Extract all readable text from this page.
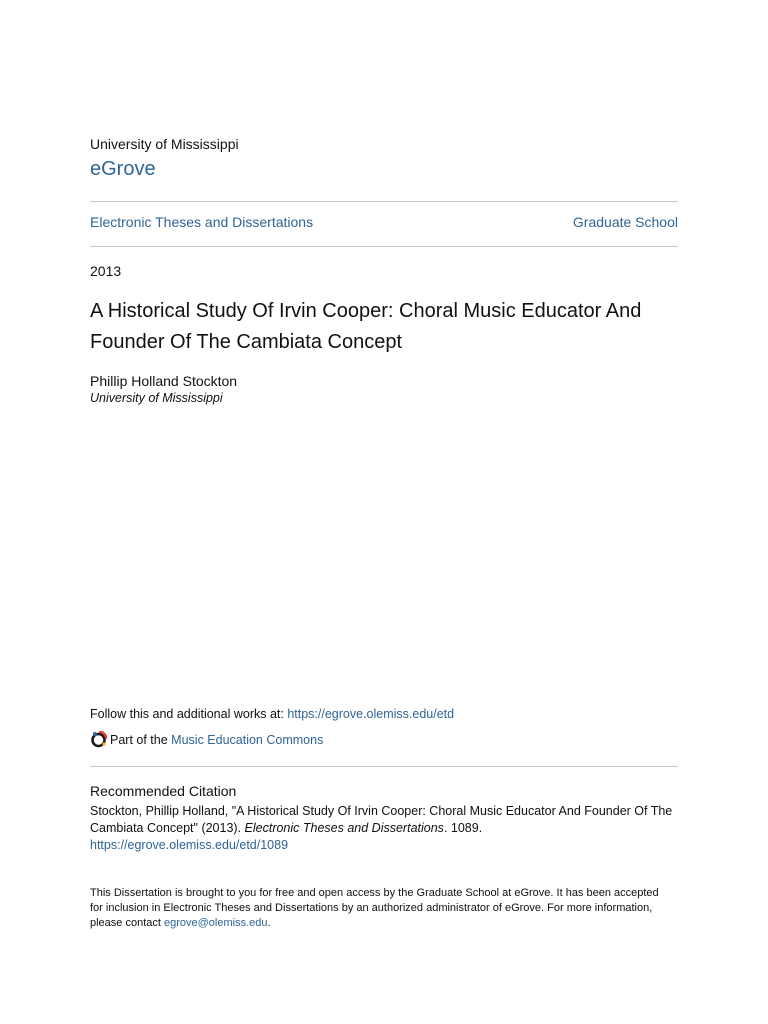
University of Mississippi
eGrove
Electronic Theses and Dissertations	Graduate School
2013
A Historical Study Of Irvin Cooper: Choral Music Educator And Founder Of The Cambiata Concept
Phillip Holland Stockton
University of Mississippi
Follow this and additional works at: https://egrove.olemiss.edu/etd
Part of the
Music Education Commons
Recommended Citation
Stockton, Phillip Holland, "A Historical Study Of Irvin Cooper: Choral Music Educator And Founder Of The Cambiata Concept" (2013). Electronic Theses and Dissertations. 1089.
https://egrove.olemiss.edu/etd/1089
This Dissertation is brought to you for free and open access by the Graduate School at eGrove. It has been accepted for inclusion in Electronic Theses and Dissertations by an authorized administrator of eGrove. For more information, please contact egrove@olemiss.edu.
